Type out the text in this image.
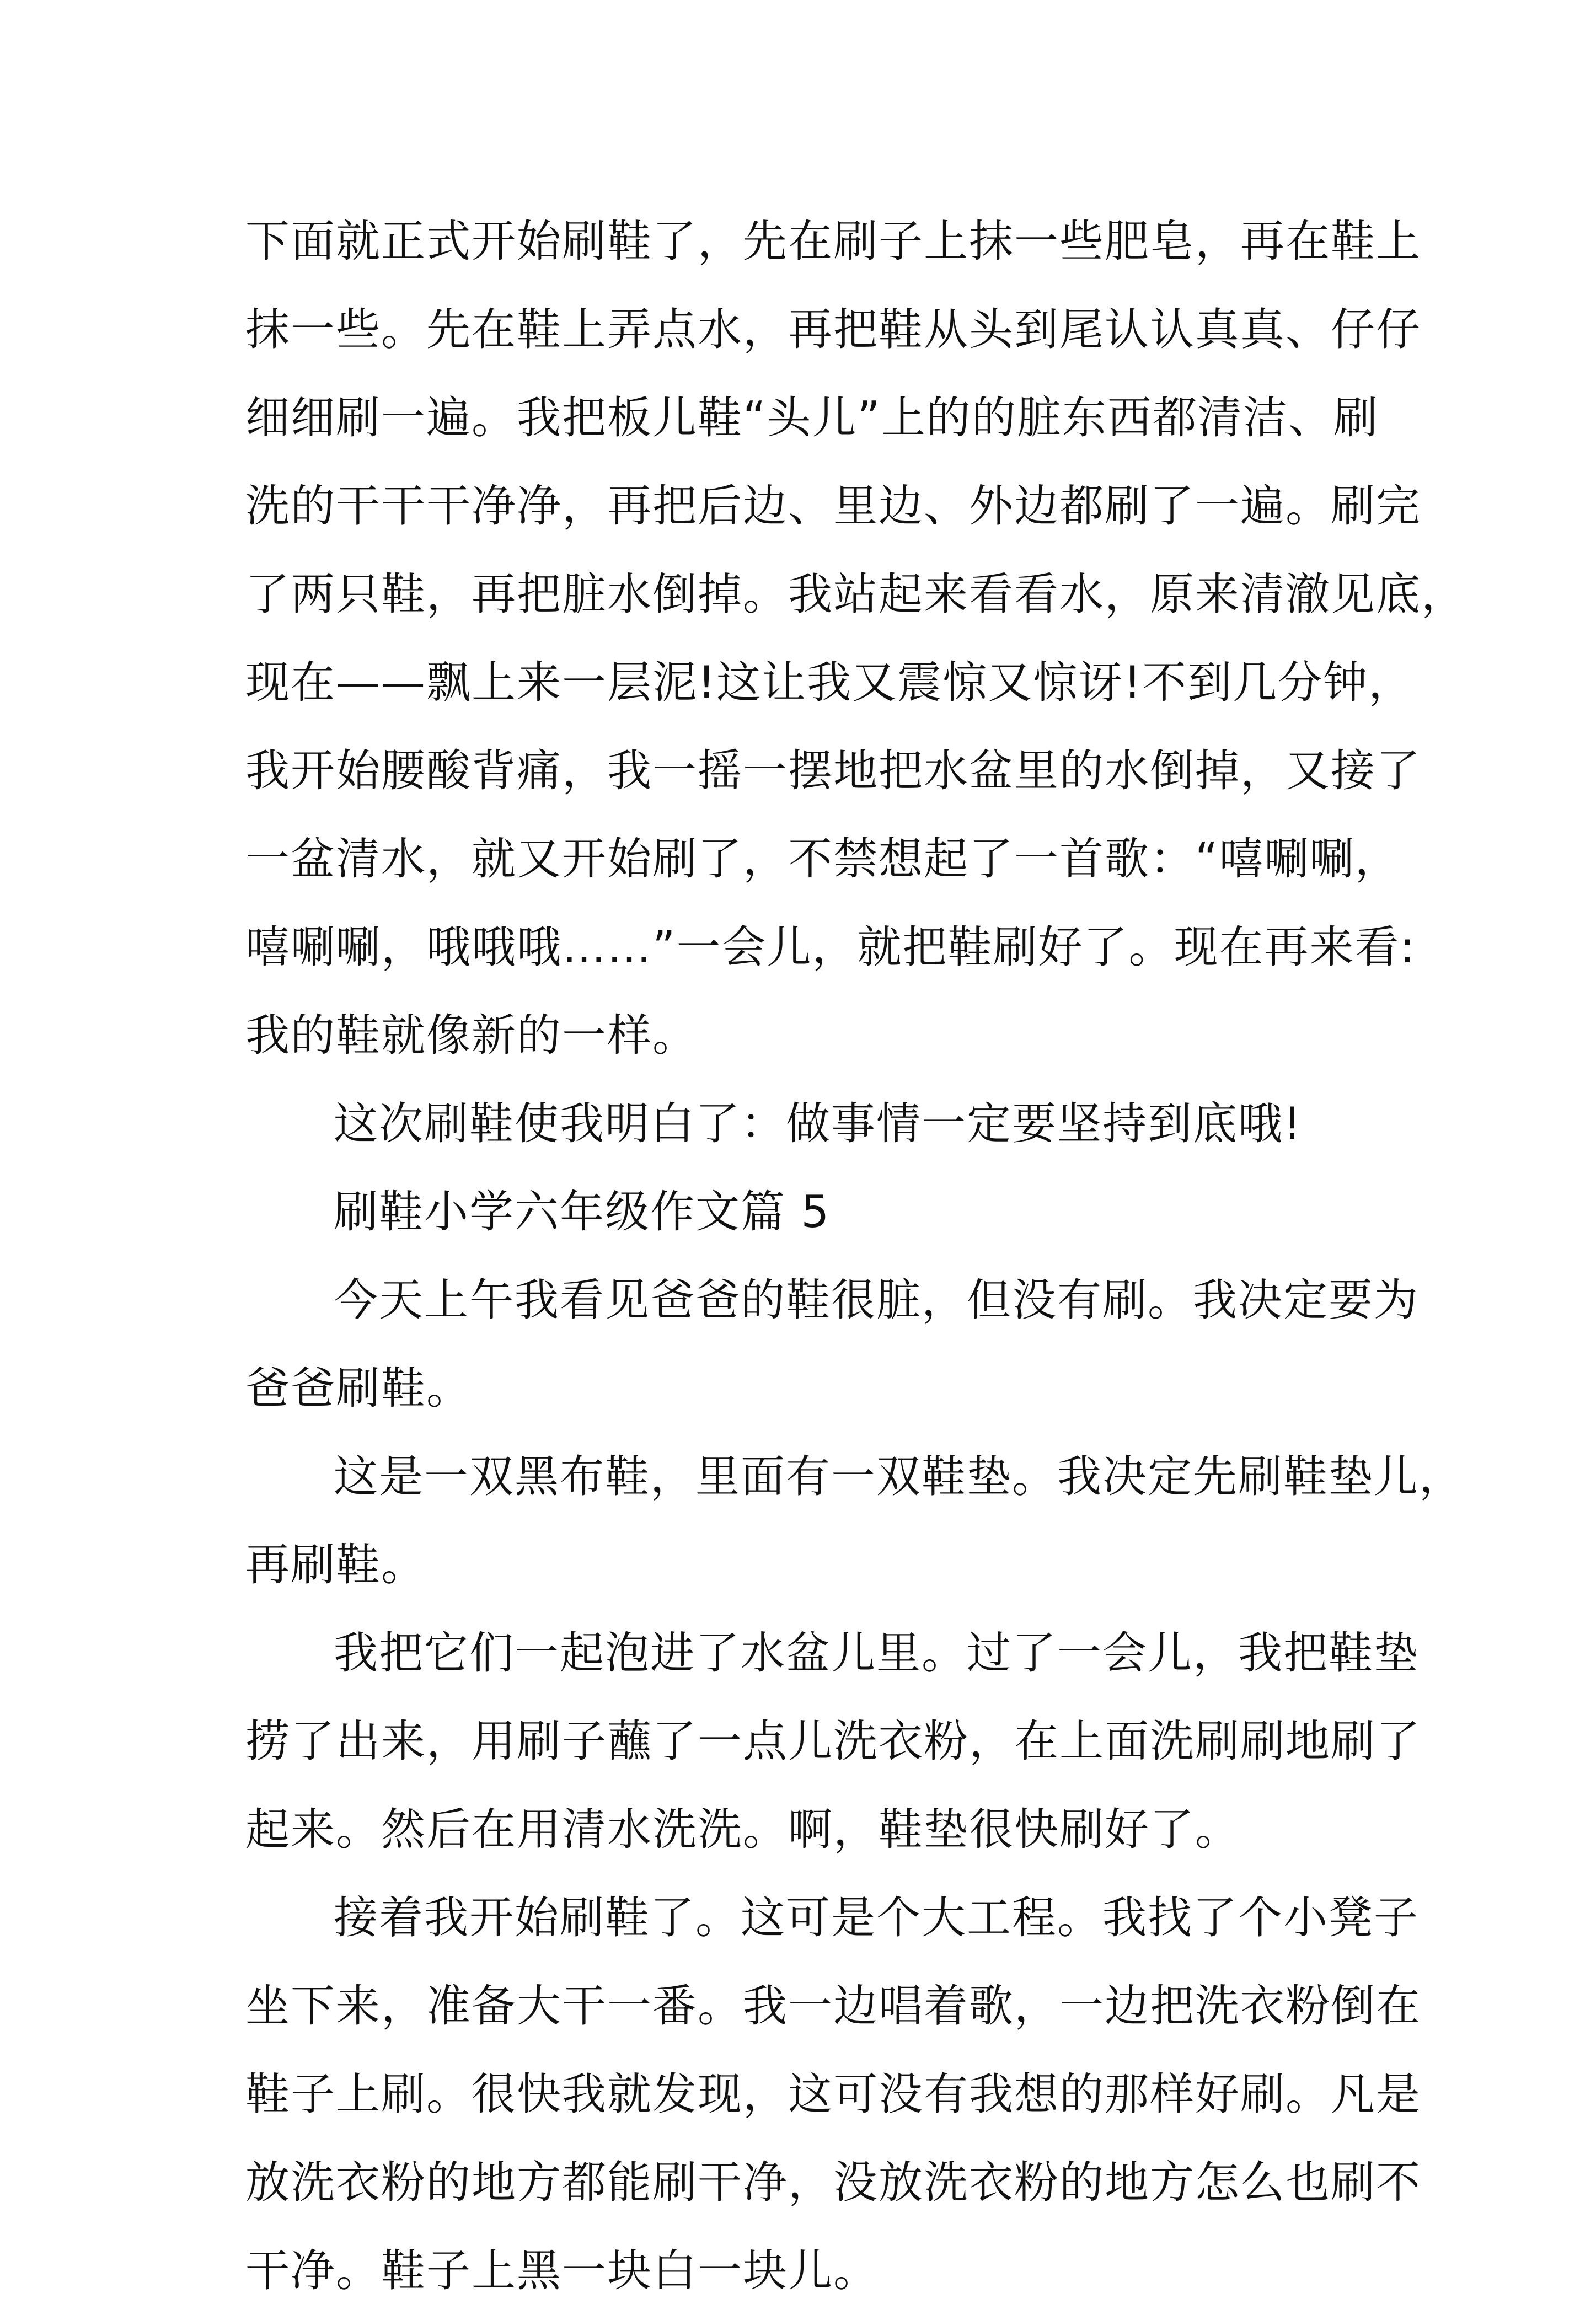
下面就正式开始刷鞋了，先在刷子上抹一些肥皂，再在鞋上
抹一些。先在鞋上弄点水，再把鞋从头到尾认认真真、仔仔
细细刷一遍。我把板儿鞋“头儿”上的的脏东西都清洁、刷
洗的干干干净净，再把后边、里边、外边都刷了一遍。刷完
了两只鞋，再把脏水倒掉。我站起来看看水，原来清澈见底，
现在——飘上来一层泥!这让我又震惊又惊讶!不到几分钟，
我开始腰酸背痛，我一摇一摆地把水盆里的水倒掉，又接了
一盆清水，就又开始刷了，不禁想起了一首歌：“嘻唰唰，
嘻唰唰，哦哦哦……”一会儿，就把鞋刷好了。现在再来看:
我的鞋就像新的一样。
这次刷鞋使我明白了：做事情一定要坚持到底哦!
刷鞋小学六年级作文篇 5
今天上午我看见爸爸的鞋很脏，但没有刷。我决定要为
爸爸刷鞋。
这是一双黑布鞋，里面有一双鞋垫。我决定先刷鞋垫儿，
再刷鞋。
我把它们一起泡进了水盆儿里。过了一会儿，我把鞋垫
捞了出来，用刷子蘸了一点儿洗衣粉，在上面洗刷刷地刷了
起来。然后在用清水洗洗。啊，鞋垫很快刷好了。
接着我开始刷鞋了。这可是个大工程。我找了个小凳子
坐下来，准备大干一番。我一边唱着歌，一边把洗衣粉倒在
鞋子上刷。很快我就发现，这可没有我想的那样好刷。凡是
放洗衣粉的地方都能刷干净，没放洗衣粉的地方怎么也刷不
干净。鞋子上黑一块白一块儿。
